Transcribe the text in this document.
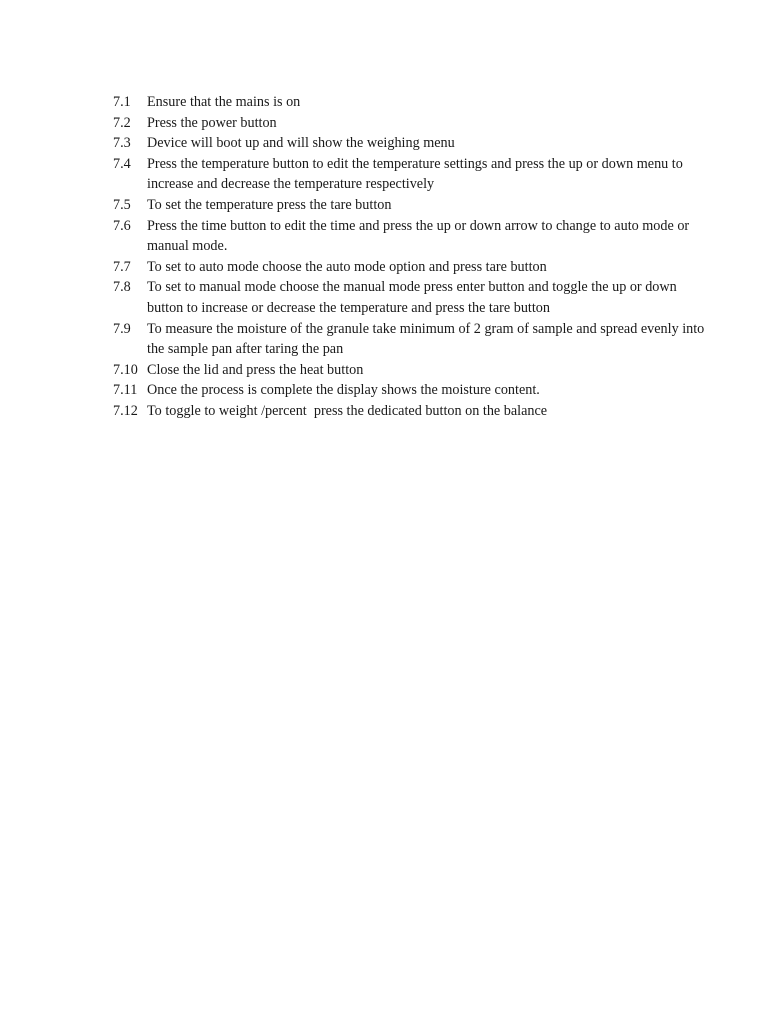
7.1	Ensure that the mains is on
7.2	Press the power button
7.3	Device will boot up and will show the weighing menu
7.4	Press the temperature button to edit the temperature settings and press the up or down menu to increase and decrease the temperature respectively
7.5	To set the temperature press the tare button
7.6	Press the time button to edit the time and press the up or down arrow to change to auto mode or manual mode.
7.7	To set to auto mode choose the auto mode option and press tare button
7.8	To set to manual mode choose the manual mode press enter button and toggle the up or down button to increase or decrease the temperature and press the tare button
7.9	To measure the moisture of the granule take minimum of 2 gram of sample and spread evenly into the sample pan after taring the pan
7.10 Close the lid and press the heat button
7.11 Once the process is complete the display shows the moisture content.
7.12 To toggle to weight /percent  press the dedicated button on the balance
